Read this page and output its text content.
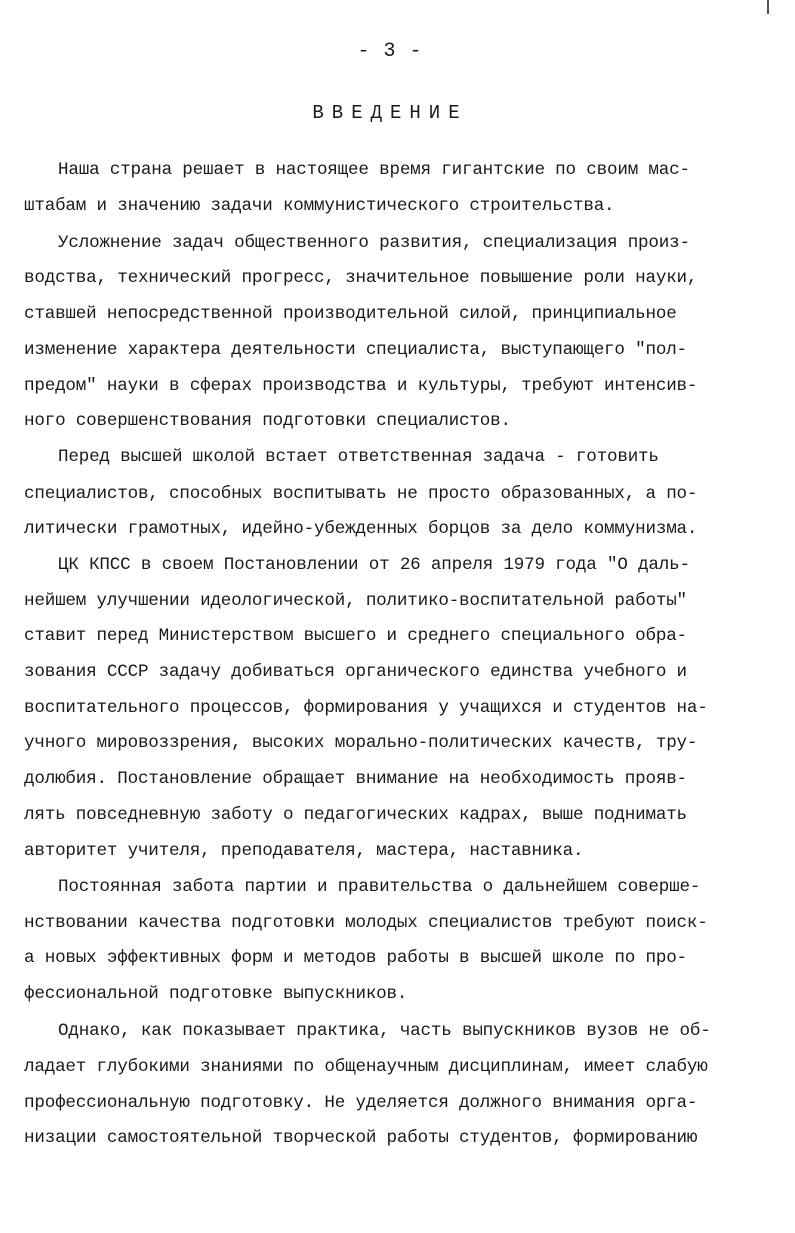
- 3 -
ВВЕДЕНИЕ
Наша страна решает в настоящее время гигантские по своим мас-
штабам и значению задачи коммунистического строительства.
Усложнение задач общественного развития, специализация произ-
водства, технический прогресс, значительное повышение роли науки,
ставшей непосредственной производительной силой, принципиальное
изменение характера деятельности специалиста, выступающего "пол-
предом" науки в сферах производства и культуры, требуют интенсив-
ного совершенствования подготовки специалистов.
Перед высшей школой встает ответственная задача - готовить
специалистов, способных воспитывать не просто образованных, а по-
литически грамотных, идейно-убежденных борцов за дело коммунизма.
ЦК КПСС в своем Постановлении от 26 апреля 1979 года "О даль-
нейшем улучшении идеологической, политико-воспитательной работы"
ставит перед Министерством высшего и среднего специального обра-
зования СССР задачу добиваться органического единства учебного и
воспитательного процессов, формирования у учащихся и студентов на-
учного мировоззрения, высоких морально-политических качеств, тру-
долюбия. Постановление обращает внимание на необходимость прояв-
лять повседневную заботу о педагогических кадрах, выше поднимать
авторитет учителя, преподавателя, мастера, наставника.
Постоянная забота партии и правительства о дальнейшем соверше-
нствовании качества подготовки молодых специалистов требуют поиск-
а новых эффективных форм и методов работы в высшей школе по про-
фессиональной подготовке выпускников.
Однако, как показывает практика, часть выпускников вузов не об-
ладает глубокими знаниями по общенаучным дисциплинам, имеет слабую
профессиональную подготовку. Не уделяется должного внимания орга-
низации самостоятельной творческой работы студентов, формированию
